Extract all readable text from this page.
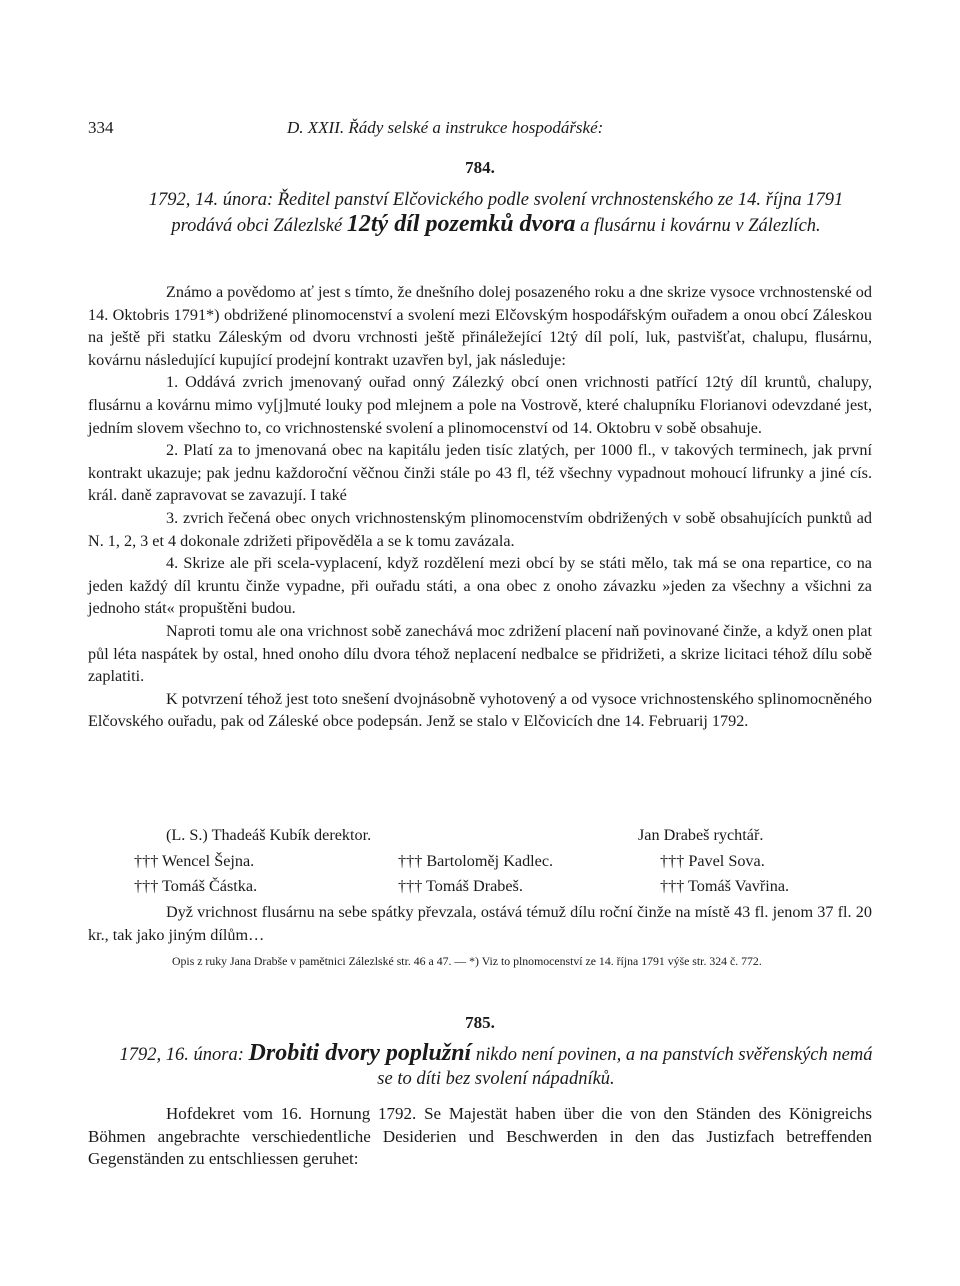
334	D. XXII. Řády selské a instrukce hospodářské:
784.
1792, 14. února: Ředitel panství Elčovického podle svolení vrchnostenského ze 14. října 1791 prodává obci Zálezlské 12tý díl pozemků dvora a flusárnu i kovárnu v Zálezlích.

Známo a povědomo ať jest s tímto, že dnešního dolej posazeného roku a dne skrize vysoce vrchnostenské od 14. Oktobris 1791*) obdrižené plinomocenství a svolení mezi Elčovským hospodářským ouřadem a onou obcí Záleskou na ještě při statku Záleským od dvoru vrchnosti ještě přináležející 12tý díl polí, luk, pastvišťat, chalupu, flusárnu, kovárnu následující kupující prodejní kontrakt uzavřen byl, jak následuje:

1. Oddává zvrich jmenovaný ouřad onný Zálezký obcí onen vrichnosti patřící 12tý díl kruntů, chalupy, flusárnu a kovárnu mimo vy[j]muté louky pod mlejnem a pole na Vostrově, které chalupníku Florianovi odevzdané jest, jedním slovem všechno to, co vrichnostenské svolení a plinomocenství od 14. Oktobru v sobě obsahuje.

2. Platí za to jmenovaná obec na kapitálu jeden tisíc zlatých, per 1000 fl., v takových terminech, jak první kontrakt ukazuje; pak jednu každoroční věčnou činži stále po 43 fl, též všechny vypadnout mohoucí lifrunky a jiné cís. král. daně zapravovat se zavazují. I také

3. zvrich řečená obec onych vrichnostenským plinomocenstvím obdrižených v sobě obsahujících punktů ad N. 1, 2, 3 et 4 dokonale zdrižeti připověděla a se k tomu zavázala.

4. Skrize ale při scela-vyplacení, když rozdělení mezi obcí by se státi mělo, tak má se ona repartice, co na jeden každý díl kruntu činže vypadne, při ouřadu státi, a ona obec z onoho závazku »jeden za všechny a všichni za jednoho stát« propuštěni budou.

Naproti tomu ale ona vrichnost sobě zanechává moc zdrižení placení naň povinované činže, a když onen plat půl léta naspátek by ostal, hned onoho dílu dvora téhož neplacení nedbalce se přidrižeti, a skrize licitaci téhož dílu sobě zaplatiti.

K potvrzení téhož jest toto snešení dvojnásobně vyhotovený a od vysoce vrichnostenského splinomocněného Elčovského ouřadu, pak od Záleské obce podepsán. Jenž se stalo v Elčovicích dne 14. Februarij 1792.

(L. S.) Thadeáš Kubík derektor.	Jan Drabeš rychtář.
††† Wencel Šejna.	††† Bartoloměj Kadlec.	††† Pavel Sova.
††† Tomáš Částka.	††† Tomáš Drabeš.	††† Tomáš Vavřina.

Dyž vrichnost flusárnu na sebe spátky převzala, ostává témuž dílu roční činže na místě 43 fl. jenom 37 fl. 20 kr., tak jako jiným dílům…

Opis z ruky Jana Drabše v pamětnici Zálezlské str. 46 a 47. — *) Viz to plnomocenství ze 14. října 1791 výše str. 324 č. 772.

785.
1792, 16. února: Drobiti dvory poplužní nikdo není povinen, a na panstvích svěřenských nemá se to díti bez svolení nápadníků.

Hofdekret vom 16. Hornung 1792. Se Majestät haben über die von den Ständen des Königreichs Böhmen angebrachte verschiedentliche Desiderien und Beschwerden in den das Justizfach betreffenden Gegenständen zu entschliessen geruhet:
